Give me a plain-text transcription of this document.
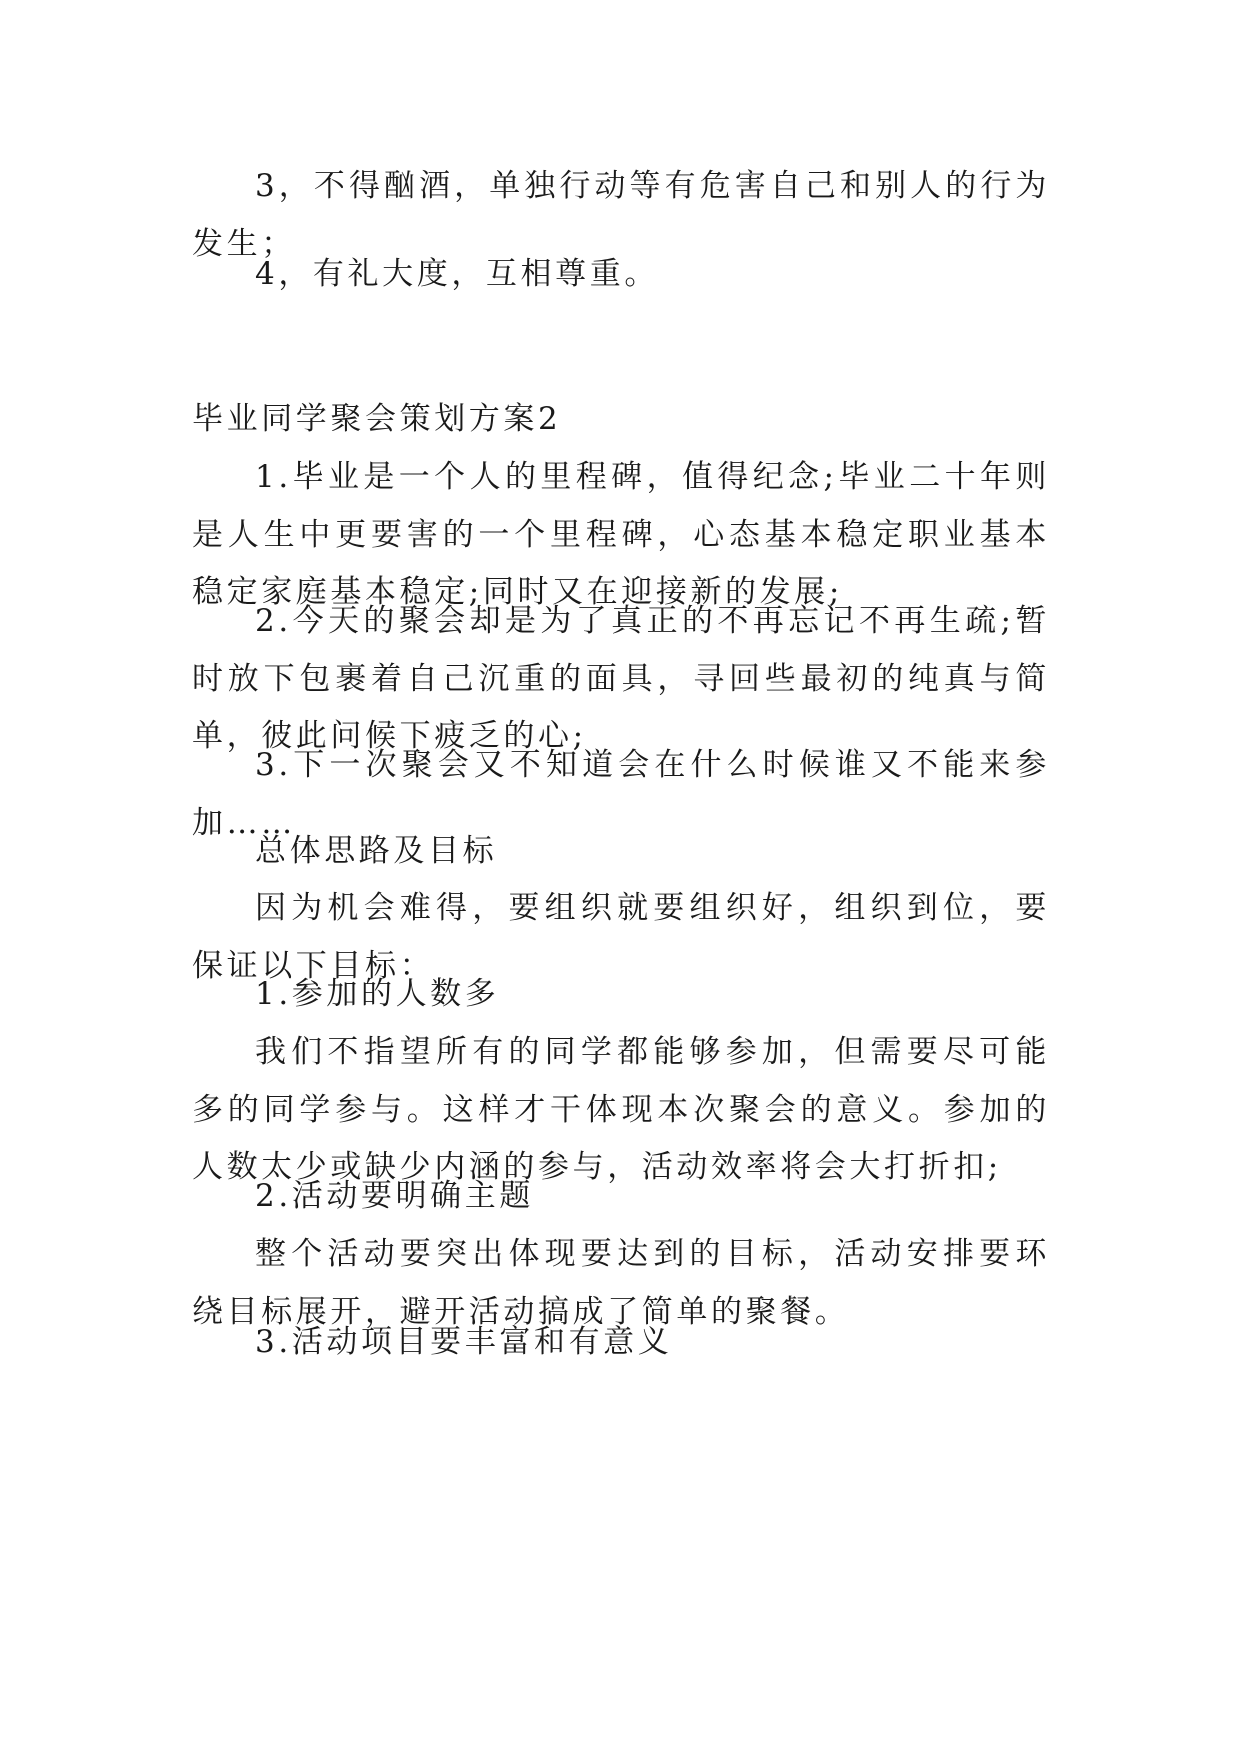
3，不得酗酒，单独行动等有危害自己和别人的行为发生；

4，有礼大度，互相尊重。

毕业同学聚会策划方案2

1.毕业是一个人的里程碑，值得纪念;毕业二十年则是人生中更要害的一个里程碑，心态基本稳定职业基本稳定家庭基本稳定;同时又在迎接新的发展;

2.今天的聚会却是为了真正的不再忘记不再生疏;暂时放下包裹着自己沉重的面具，寻回些最初的纯真与简单，彼此问候下疲乏的心;

3.下一次聚会又不知道会在什么时候谁又不能来参加……

总体思路及目标

因为机会难得，要组织就要组织好，组织到位，要保证以下目标：

1.参加的人数多

我们不指望所有的同学都能够参加，但需要尽可能多的同学参与。这样才干体现本次聚会的意义。参加的人数太少或缺少内涵的参与，活动效率将会大打折扣;

2.活动要明确主题

整个活动要突出体现要达到的目标，活动安排要环绕目标展开，避开活动搞成了简单的聚餐。

3.活动项目要丰富和有意义
